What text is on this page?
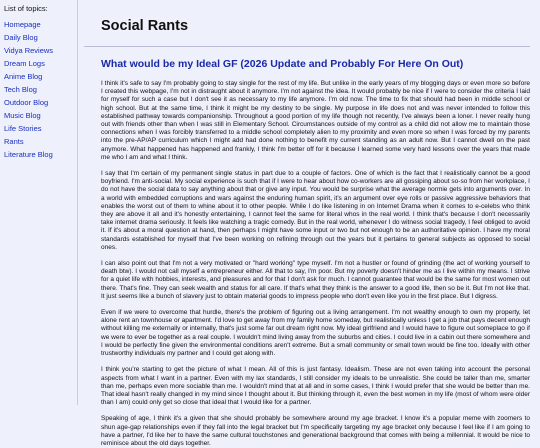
List of topics:
Homepage
Daily Blog
Vidya Reviews
Dream Logs
Anime Blog
Tech Blog
Outdoor Blog
Music Blog
Life Stories
Rants
Literature Blog
Social Rants
What would be my Ideal GF (2026 Update and Probably For Here On Out)

I think it's safe to say I'm probably going to stay single for the rest of my life. But unlike in the early years of my blogging days or even more so before I created this webpage, I'm not in distraught about it anymore. I'm not against the idea. It would probably be nice if I were to consider the criteria I laid for myself for such a case but I don't see it as necessary to my life anymore. I'm old now. The time to fix that should had been in middle school or high school. But at the same time, I think it might be my destiny to be single. My purpose in life does not and was never intended to follow this established pathway towards companionship. Throughout a good portion of my life though not recently, I've always been a loner. I never really hung out with friends other than when I was still in Elementary School. Circumstances outside of my control as a child did not allow me to maintain those connections when I was forcibly transferred to a middle school completely alien to my proximity and even more so when I was forced by my parents into the pre-AP/AP curriculum which I might add had done nothing to benefit my current standing as an adult now. But I cannot dwell on the past anymore. What happened has happened and frankly, I think I'm better off for it because I learned some very hard lessons over the years that made me who I am and what I think.

I say that I'm certain of my permanent single status in part due to a couple of factors. One of which is the fact that I realistically cannot be a good boyfriend. I'm anti-social. My social experience is such that if I were to hear about how co-workers are all gossiping about so-so from her workplace, I do not have the social data to say anything about that or give any input. You would be surprise what the average normie gets into arguments over. In a world with embedded corruptions and wars against the enduring human spirit, it's an argument over eye rolls or passive aggressive behaviors that enables the worst out of them to whine about it to other people. While I do like listening in on Internet Drama when it comes to e-celebs who think they are above it all and it's honestly entertaining, I cannot feel the same for literal whos in the real world. I think that's because I don't necessarily take internet drama seriously. It feels like watching a tragic comedy. But in the real world, whenever I do witness social tragedy, I feel obliged to avoid it. If it's about a moral question at hand, then perhaps I might have some input or two but not enough to be an authoritative opinion. I have my moral standards established for myself that I've been working on refining through out the years but it pertains to general subjects as opposed to social ones.

I can also point out that I'm not a very motivated or "hard working" type myself. I'm not a hustler or found of grinding (the act of working yourself to death btw). I would not call myself a entrepreneur either. All that to say, I'm poor. But my poverty doesn't hinder me as I live within my means. I strive for a quiet life with hobbies, interests, and pleasures and for that I don't ask for much. I cannot guarantee that would be the same for most women out there. That's fine. They can seek wealth and status for all care. If that's what they think is the answer to a good life, then so be it. But I'm not like that. It just seems like a bunch of slavery just to obtain material goods to impress people who don't even like you in the first place. But I digress.

Even if we were to overcome that hurdle, there's the problem of figuring out a living arrangement. I'm not wealthy enough to own my property, let alone rent an townhouse or apartment. I'd love to get away from my family home someday, but realistically unless I get a job that pays decent enough without killing me externally or internally, that's just some far out dream right now. My ideal girlfriend and I would have to figure out someplace to go if we were to ever be together as a real couple. I wouldn't mind living away from the suburbs and cities. I could live in a cabin out there somewhere and I would be perfectly fine given the environmental conditions aren't extreme. But a small community or small town would be fine too. Ideally with other trustworthy individuals my partner and I could get along with.

I think you're starting to get the picture of what I mean. All of this is just fantasy. Idealism. These are not even taking into account the personal aspects from what I want in a partner. Even with my lax standards, I still consider my ideals to be unrealistic. She could be taller than me, smarter than me, perhaps even more sociable than me. I wouldn't mind that at all and in some cases, I think I would prefer that she would be better than me. That ideal hasn't really changed in my mind since I thought about it. But thinking through it, even the best women in my life (most of whom were older than I am) could only get so close that ideal that I would like for a partner.

Speaking of age, I think it's a given that she should probably be somewhere around my age bracket. I know it's a popular meme with zoomers to shun age-gap relationships even if they fall into the legal bracket but I'm specifically targeting my age bracket only because I feel like if I am going to have a partner, I'd like her to have the same cultural touchstones and generational background that comes with being a millennial. It would be nice to reminisce about the old days together.
